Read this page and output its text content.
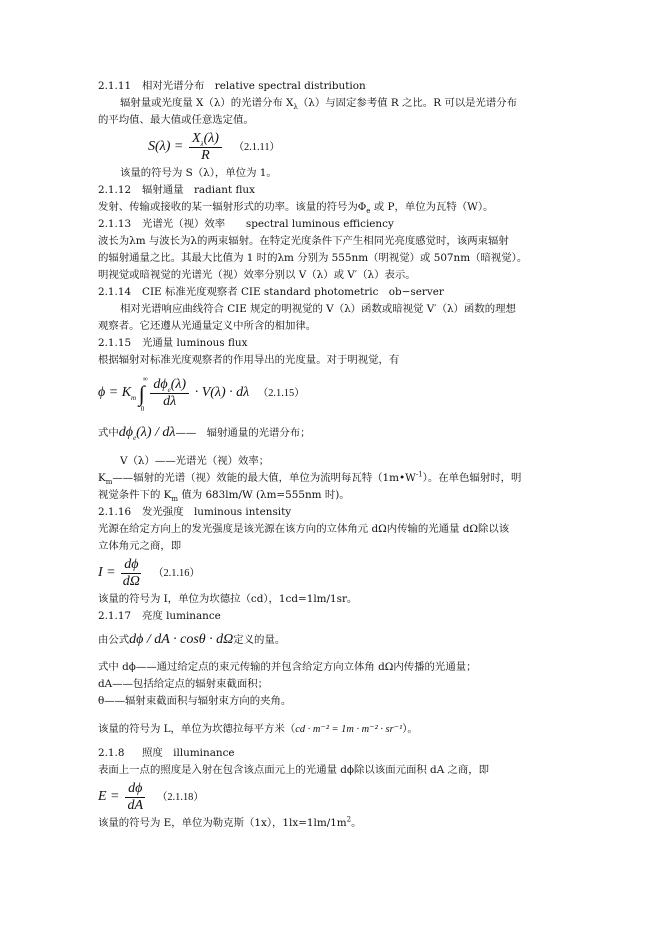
2.1.11 相对光谱分布　relative spectral distribution
辐射量或光度量 X（λ）的光谱分布 $X_\lambda(\lambda)$与固定参考值 R 之比。R 可以是光谱分布
的平均值、最大值或任意选定值。
$S(\lambda) = \frac{X_\lambda(\lambda)}{R} (2.1.11)$
该量的符号为 S（λ），单位为 1。
2.1.12 辐射通量　radiant flux
发射、传输或接收的某一辐射形式的功率。该量的符号为$\Phi_e$ 或 P，单位为瓦特（W）。
2.1.13 光谱光（视）效率　　spectral luminous efficiency
波长为λm 与波长为λ的两束辐射。在特定光度条件下产生相同光亮度感觉时，该两束辐射
的辐射通量之比。其最大比值为 1 时的λm 分别为 555nm（明视觉）或 507nm（暗视觉）。
明视觉或暗视觉的光谱光（视）效率分别以 V（λ）或 V′（λ）表示。
2.1.14 CIE 标准光度观察者 CIE standard photometric　ob−server
相对光谱响应曲线符合 CIE 规定的明视觉的 V（λ）函数或暗视觉 V′（λ）函数的理想
观察者。它还遵从光通量定义中所含的相加律。
2.1.15 光通量 luminous flux
根据辐射对标准光度观察者的作用导出的光度量。对于明视觉，有
$\phi = K_m$ ∫
∞
0
$\frac{d\phi_e(\lambda)}{d\lambda} \cdot V(\lambda) \cdot d\lambda$ （2.1.15）
式中$d\phi_e(\lambda)$ / dλ——　辐射通量的光谱分布；
V（λ）——光谱光（视）效率；
$K_m——$辐射的光谱（视）效能的最大值，单位为流明每瓦特$(1m•W^{-1})$。在单色辐射时，明
视觉条件下的 $K_m$ 值为 683lm/W (λm=555nm 时)。
2.1.16 发光强度　luminous intensity
光源在给定方向上的发光强度是该光源在该方向的立体角元 dΩ内传输的光通量 dΩ除以该
立体角元之商，即
$I = \frac{d\phi}{d\Omega} (2.1.16)$
该量的符号为 I，单位为坎德拉（cd），1cd=1lm/1sr。
2.1.17 亮度 luminance
由公式dϕ / dA · cosθ · dΩ定义的量。
式中 dϕ——通过给定点的束元传输的并包含给定方向立体角 dΩ内传播的光通量；
dA——包括给定点的辐射束截面积；
θ——辐射束截面积与辐射束方向的夹角。
该量的符号为 L，单位为坎德拉每平方米（cd · m⁻² = 1m · m⁻² · sr⁻¹）。
2.1.8 照度　illuminance
表面上一点的照度是入射在包含该点面元上的光通量 dϕ除以该面元面积 dA 之商，即
$E = \frac{d\phi}{dA} (2.1.18)$
该量的符号为 E，单位为勒克斯（1x），$1lx=1lm/1m^2$。
